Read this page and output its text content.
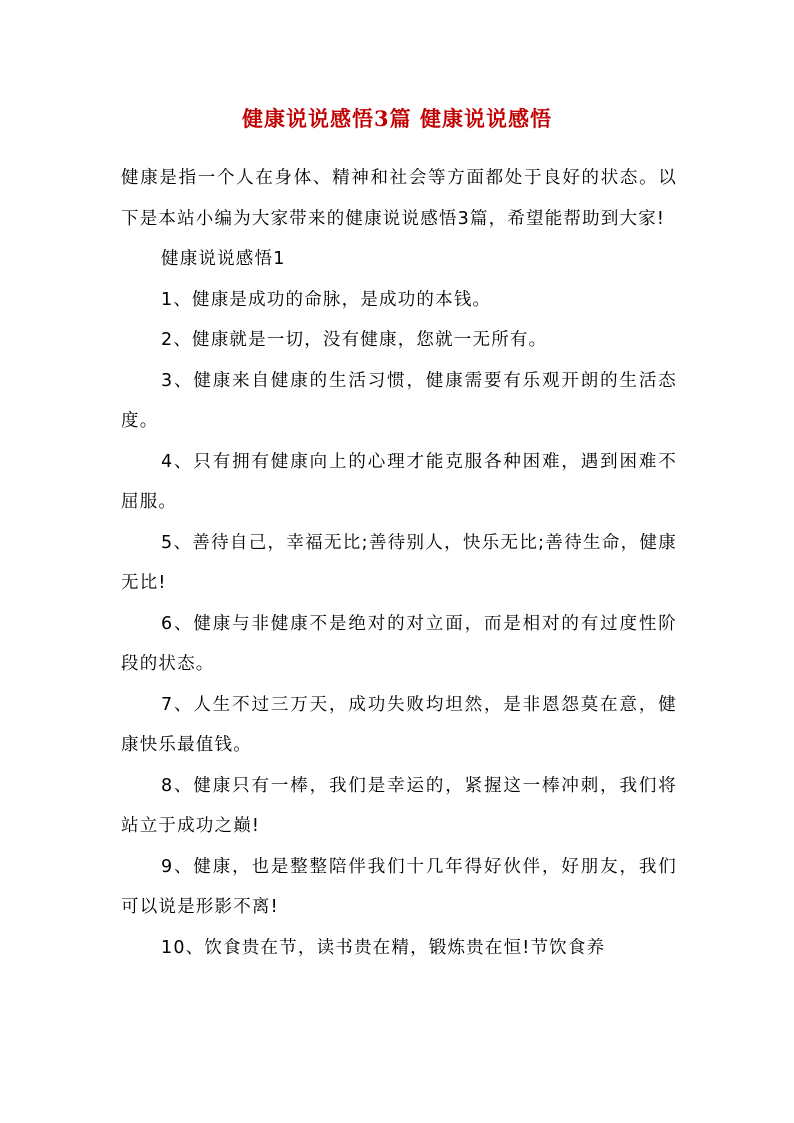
健康说说感悟3篇 健康说说感悟

健康是指一个人在身体、精神和社会等方面都处于良好的状态。以下是本站小编为大家带来的健康说说感悟3篇，希望能帮助到大家!

健康说说感悟1

1、健康是成功的命脉，是成功的本钱。

2、健康就是一切，没有健康，您就一无所有。

3、健康来自健康的生活习惯，健康需要有乐观开朗的生活态度。

4、只有拥有健康向上的心理才能克服各种困难，遇到困难不屈服。

5、善待自己，幸福无比;善待别人，快乐无比;善待生命，健康无比!

6、健康与非健康不是绝对的对立面，而是相对的有过度性阶段的状态。

7、人生不过三万天，成功失败均坦然，是非恩怨莫在意，健康快乐最值钱。

8、健康只有一棒，我们是幸运的，紧握这一棒冲刺，我们将站立于成功之巅!

9、健康，也是整整陪伴我们十几年得好伙伴，好朋友，我们可以说是形影不离!

10、饮食贵在节，读书贵在精，锻炼贵在恒!节饮食养
